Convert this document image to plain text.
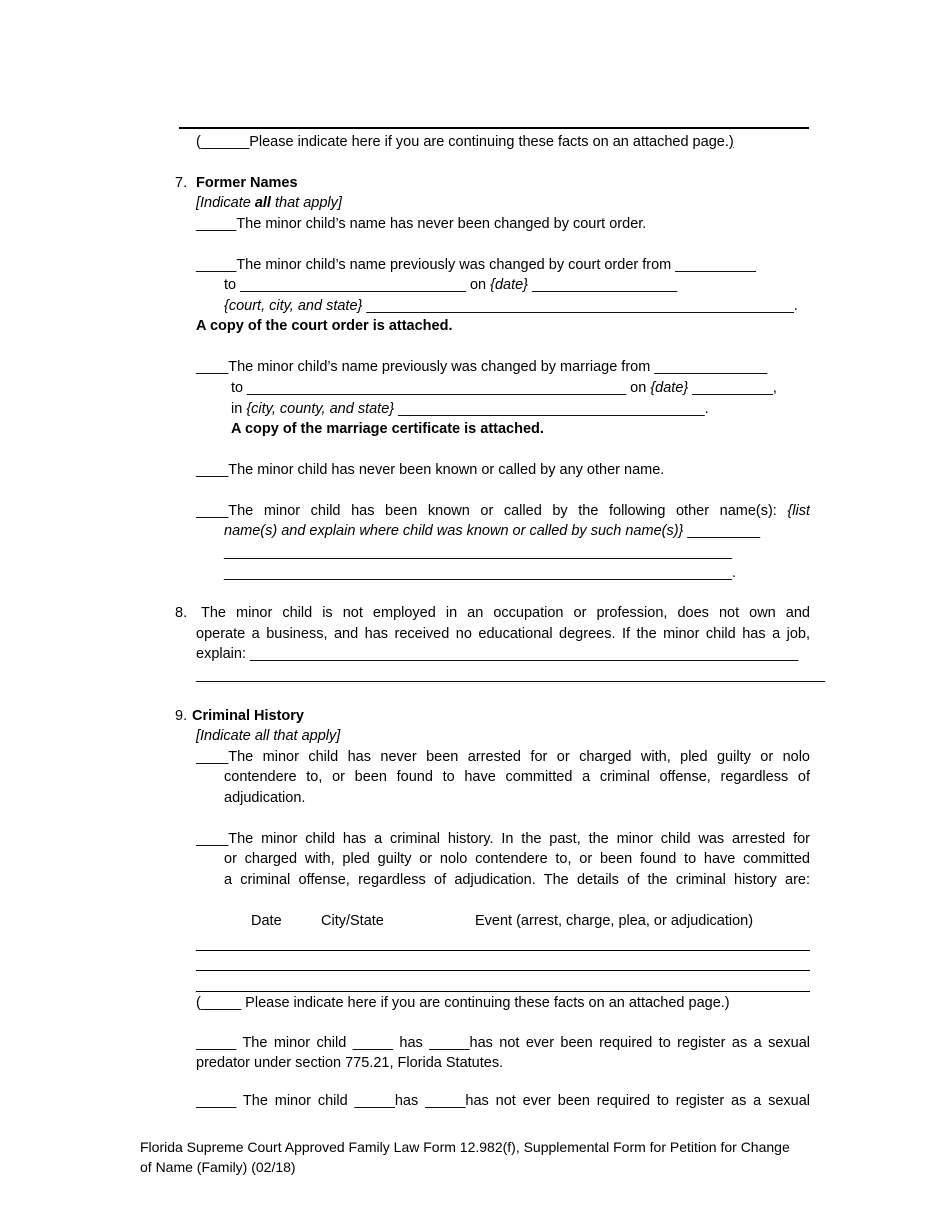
(______Please indicate here if you are continuing these facts on an attached page.)
7. Former Names
[Indicate all that apply]
_____The minor child’s name has never been changed by court order.
_____The minor child’s name previously was changed by court order from __________
to ____________________________ on {date} __________________
{court, city, and state} _____________________________________________________.
A copy of the court order is attached.
____The minor child’s name previously was changed by marriage from ______________
to _______________________________________________ on {date} __________,
in {city, county, and state} ______________________________________.
A copy of the marriage certificate is attached.
____The minor child has never been known or called by any other name.
____The minor child has been known or called by the following other name(s): {list
name(s) and explain where child was known or called by such name(s)} _________
_______________________________________________________________
_______________________________________________________________.
8. The minor child is not employed in an occupation or profession, does not own and
operate a business, and has received no educational degrees. If the minor child has a job,
explain: ____________________________________________________________________
______________________________________________________________________________
9. Criminal History
[Indicate all that apply]
____The minor child has never been arrested for or charged with, pled guilty or nolo
contendere to, or been found to have committed a criminal offense, regardless of
adjudication.
____The minor child has a criminal history. In the past, the minor child was arrested for
or charged with, pled guilty or nolo contendere to, or been found to have committed
a criminal offense, regardless of adjudication. The details of the criminal history are:
Date	City/State	Event (arrest, charge, plea, or adjudication)
(_____ Please indicate here if you are continuing these facts on an attached page.)
_____ The minor child _____ has _____has not ever been required to register as a sexual
predator under section 775.21, Florida Statutes.
_____ The minor child _____has _____has not ever been required to register as a sexual
Florida Supreme Court Approved Family Law Form 12.982(f), Supplemental Form for Petition for Change
of Name (Family) (02/18)
